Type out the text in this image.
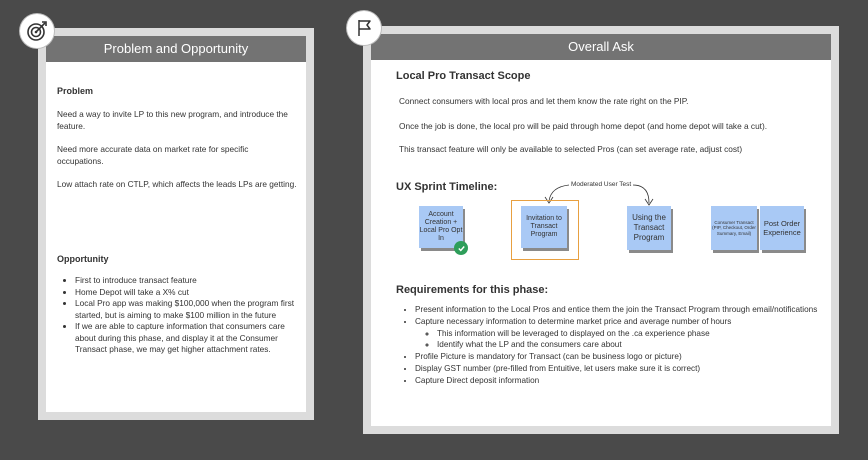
Problem and Opportunity
Problem
Need a way to invite LP to this new program, and introduce the feature.
Need more accurate data on market rate for specific occupations.
Low attach rate on CTLP, which affects the leads LPs are getting.
Opportunity
• First to introduce transact feature
• Home Depot will take a X% cut
• Local Pro app was making $100,000 when the program first started, but is aiming to make $100 million in the future
• If we are able to capture information that consumers care about during this phase, and display it at the Consumer Transact phase, we may get higher attachment rates.
Overall Ask
Local Pro Transact Scope
Connect consumers with local pros and let them know the rate right on the PIP.
Once the job is done, the local pro will be paid through home depot (and home depot will take a cut).
This transact feature will only be available to selected Pros (can set average rate, adjust cost)
UX Sprint Timeline:	Moderated User Test
Account Creation + Local Pro Opt In
Invitation to Transact Program
Using the Transact Program
Consumer Transact (PIP, Checkout, Order Summary, Email)
Post Order Experience
Requirements for this phase:
• Present information to the Local Pros and entice them the join the Transact Program through email/notifications
• Capture necessary information to determine market price and average number of hours
◦ This information will be leveraged to displayed on the .ca experience phase
◦ Identify what the LP and the consumers care about
• Profile Picture is mandatory for Transact (can be business logo or picture)
• Display GST number (pre-filled from Entuitive, let users make sure it is correct)
• Capture Direct deposit information
